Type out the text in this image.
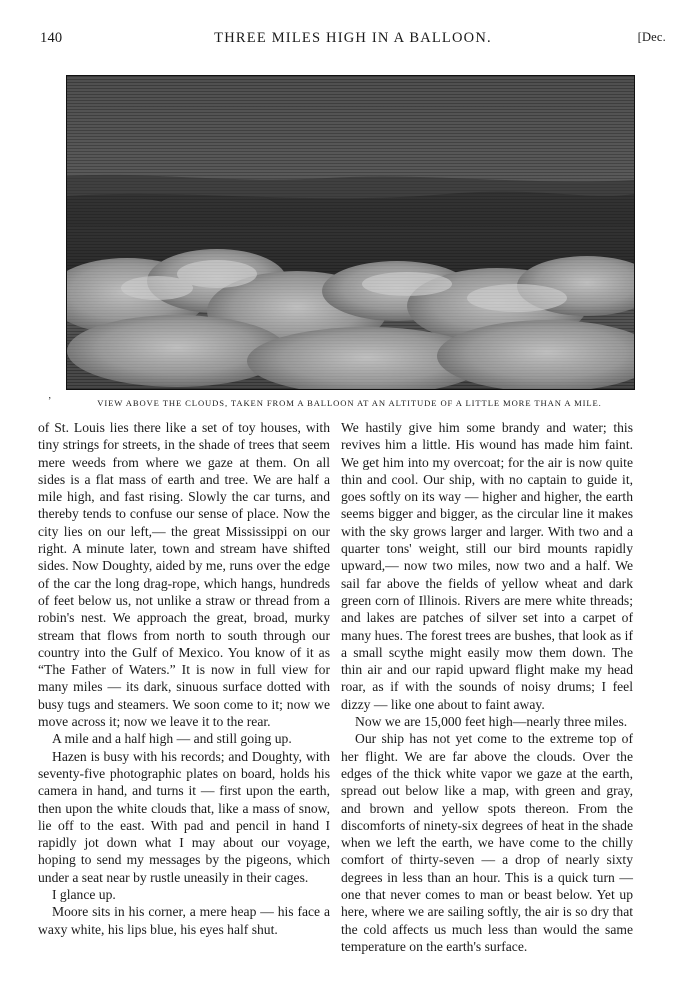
140	THREE MILES HIGH IN A BALLOON.	[Dec.
’	VIEW ABOVE THE CLOUDS, TAKEN FROM A BALLOON AT AN ALTITUDE OF A LITTLE MORE THAN A MILE.

of St. Louis lies there like a set of toy houses, with tiny strings for streets, in the shade of trees that seem mere weeds from where we gaze at them. On all sides is a flat mass of earth and tree. We are half a mile high, and fast rising. Slowly the car turns, and thereby tends to confuse our sense of place. Now the city lies on our left,— the great Mississippi on our right. A minute later, town and stream have shifted sides. Now Doughty, aided by me, runs over the edge of the car the long drag-rope, which hangs, hundreds of feet below us, not unlike a straw or thread from a robin's nest. We approach the great, broad, murky stream that flows from north to south through our country into the Gulf of Mexico. You know of it as “The Father of Waters.” It is now in full view for many miles — its dark, sinuous surface dotted with busy tugs and steamers. We soon come to it; now we move across it; now we leave it to the rear.

A mile and a half high — and still going up.

Hazen is busy with his records; and Doughty, with seventy-five photographic plates on board, holds his camera in hand, and turns it — first upon the earth, then upon the white clouds that, like a mass of snow, lie off to the east. With pad and pencil in hand I rapidly jot down what I may about our voyage, hoping to send my messages by the pigeons, which under a seat near by rustle uneasily in their cages.

I glance up.

Moore sits in his corner, a mere heap — his face a waxy white, his lips blue, his eyes half shut.

We hastily give him some brandy and water; this revives him a little. His wound has made him faint. We get him into my overcoat; for the air is now quite thin and cool. Our ship, with no captain to guide it, goes softly on its way — higher and higher, the earth seems bigger and bigger, as the circular line it makes with the sky grows larger and larger. With two and a quarter tons' weight, still our bird mounts rapidly upward,— now two miles, now two and a half. We sail far above the fields of yellow wheat and dark green corn of Illinois. Rivers are mere white threads; and lakes are patches of silver set into a carpet of many hues. The forest trees are bushes, that look as if a small scythe might easily mow them down. The thin air and our rapid upward flight make my head roar, as if with the sounds of noisy drums; I feel dizzy — like one about to faint away.

Now we are 15,000 feet high—nearly three miles.

Our ship has not yet come to the extreme top of her flight. We are far above the clouds. Over the edges of the thick white vapor we gaze at the earth, spread out below like a map, with green and gray, and brown and yellow spots thereon. From the discomforts of ninety-six degrees of heat in the shade when we left the earth, we have come to the chilly comfort of thirty-seven — a drop of nearly sixty degrees in less than an hour. This is a quick turn — one that never comes to man or beast below. Yet up here, where we are sailing softly, the air is so dry that the cold affects us much less than would the same temperature on the earth's surface.
